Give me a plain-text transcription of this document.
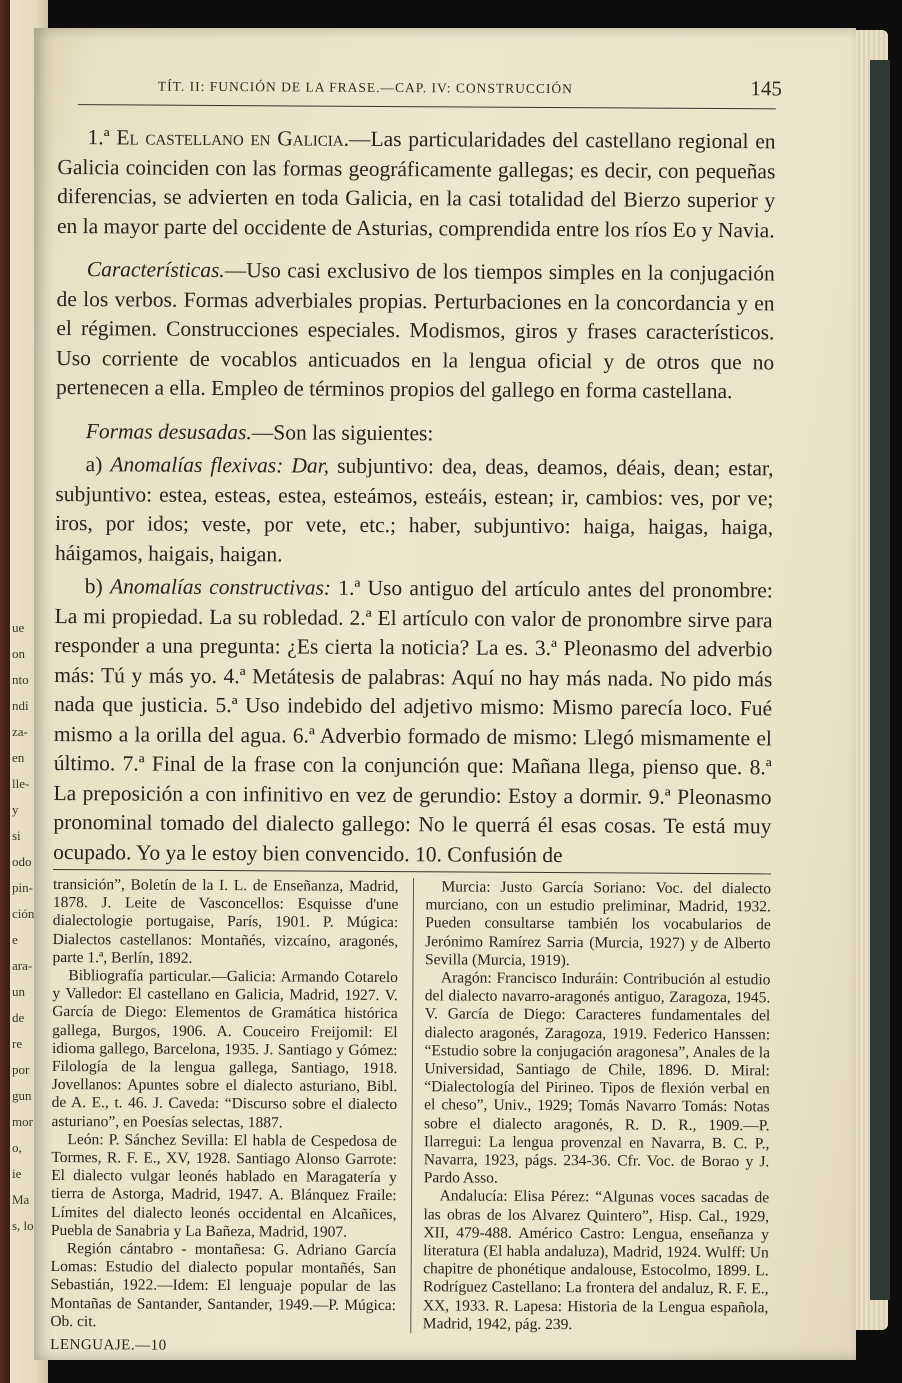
ue
on
nto
ndi
za-
en
lle-
y
si
odo
pin-
ción
e
ara-
un
de
re
por
gun
mor
o,
ie
Ma
s, lo
TÍT. II: FUNCIÓN DE LA FRASE.—CAP. IV: CONSTRUCCIÓN	145

1.ª El castellano en Galicia.—Las particularidades del castellano regional en Galicia coinciden con las formas geográficamente gallegas; es decir, con pequeñas diferencias, se advierten en toda Galicia, en la casi totalidad del Bierzo superior y en la mayor parte del occidente de Asturias, comprendida entre los ríos Eo y Navia.

Características.—Uso casi exclusivo de los tiempos simples en la conjugación de los verbos. Formas adverbiales propias. Perturbaciones en la concordancia y en el régimen. Construcciones especiales. Modismos, giros y frases característicos. Uso corriente de vocablos anticuados en la lengua oficial y de otros que no pertenecen a ella. Empleo de términos propios del gallego en forma castellana.

Formas desusadas.—Son las siguientes:

a) Anomalías flexivas: Dar, subjuntivo: dea, deas, deamos, déais, dean; estar, subjuntivo: estea, esteas, estea, esteámos, esteáis, estean; ir, cambios: ves, por ve; iros, por idos; veste, por vete, etc.; haber, subjuntivo: haiga, haigas, haiga, háigamos, haigais, haigan.

b) Anomalías constructivas: 1.ª Uso antiguo del artículo antes del pronombre: La mi propiedad. La su robledad. 2.ª El artículo con valor de pronombre sirve para responder a una pregunta: ¿Es cierta la noticia? La es. 3.ª Pleonasmo del adverbio más: Tú y más yo. 4.ª Metátesis de palabras: Aquí no hay más nada. No pido más nada que justicia. 5.ª Uso indebido del adjetivo mismo: Mismo parecía loco. Fué mismo a la orilla del agua. 6.ª Adverbio formado de mismo: Llegó mismamente el último. 7.ª Final de la frase con la conjunción que: Mañana llega, pienso que. 8.ª La preposición a con infinitivo en vez de gerundio: Estoy a dormir. 9.ª Pleonasmo pronominal tomado del dialecto gallego: No le querrá él esas cosas. Te está muy ocupado. Yo ya le estoy bien convencido. 10. Confusión de

transición”, Boletín de la I. L. de Enseñanza, Madrid, 1878. J. Leite de Vasconcellos: Esquisse d'une dialectologie portugaise, París, 1901. P. Múgica: Dialectos castellanos: Montañés, vizcaíno, aragonés, parte 1.ª, Berlín, 1892.

Bibliografía particular.—Galicia: Armando Cotarelo y Valledor: El castellano en Galicia, Madrid, 1927. V. García de Diego: Elementos de Gramática histórica gallega, Burgos, 1906. A. Couceiro Freijomil: El idioma gallego, Barcelona, 1935. J. Santiago y Gómez: Filología de la lengua gallega, Santiago, 1918. Jovellanos: Apuntes sobre el dialecto asturiano, Bibl. de A. E., t. 46. J. Caveda: “Discurso sobre el dialecto asturiano”, en Poesías selectas, 1887.

León: P. Sánchez Sevilla: El habla de Cespedosa de Tormes, R. F. E., XV, 1928. Santiago Alonso Garrote: El dialecto vulgar leonés hablado en Maragatería y tierra de Astorga, Madrid, 1947. A. Blánquez Fraile: Límites del dialecto leonés occidental en Alcañices, Puebla de Sanabria y La Bañeza, Madrid, 1907.

Región cántabro - montañesa: G. Adriano García Lomas: Estudio del dialecto popular montañés, San Sebastián, 1922.—Idem: El lenguaje popular de las Montañas de Santander, Santander, 1949.—P. Múgica: Ob. cit.

Murcia: Justo García Soriano: Voc. del dialecto murciano, con un estudio preliminar, Madrid, 1932. Pueden consultarse también los vocabularios de Jerónimo Ramírez Sarria (Murcia, 1927) y de Alberto Sevilla (Murcia, 1919).

Aragón: Francisco Induráin: Contribución al estudio del dialecto navarro-aragonés antiguo, Zaragoza, 1945. V. García de Diego: Caracteres fundamentales del dialecto aragonés, Zaragoza, 1919. Federico Hanssen: “Estudio sobre la conjugación aragonesa”, Anales de la Universidad, Santiago de Chile, 1896. D. Miral: “Dialectología del Pirineo. Tipos de flexión verbal en el cheso”, Univ., 1929; Tomás Navarro Tomás: Notas sobre el dialecto aragonés, R. D. R., 1909.—P. Ilarregui: La lengua provenzal en Navarra, B. C. P., Navarra, 1923, págs. 234-36. Cfr. Voc. de Borao y J. Pardo Asso.

Andalucía: Elisa Pérez: “Algunas voces sacadas de las obras de los Alvarez Quintero”, Hisp. Cal., 1929, XII, 479-488. Américo Castro: Lengua, enseñanza y literatura (El habla andaluza), Madrid, 1924. Wulff: Un chapitre de phonétique andalouse, Estocolmo, 1899. L. Rodríguez Castellano: La frontera del andaluz, R. F. E., XX, 1933. R. Lapesa: Historia de la Lengua española, Madrid, 1942, pág. 239.

LENGUAJE.—10
